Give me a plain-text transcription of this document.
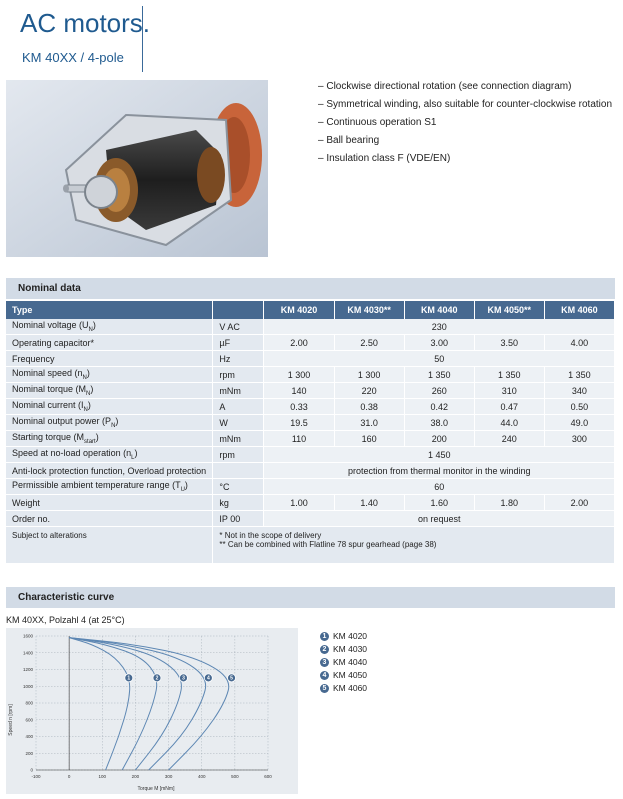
AC motors.
KM 40XX / 4-pole
– Clockwise directional rotation (see connection diagram)
– Symmetrical winding, also suitable for counter-clockwise rotation
– Continuous operation S1
– Ball bearing
– Insulation class F (VDE/EN)
Nominal data
Type		KM 4020	KM 4030**	KM 4040	KM 4050**	KM 4060
Nominal voltage $(U_N)$	V AC	230				
Operating capacitor*	µF	2.00	2.50	3.00	3.50	4.00
Frequency	Hz	50				
Nominal speed $(n_N)$	rpm	1 300	1 300	1 350	1 350	1 350
Nominal torque $(M_N)$	mNm	140	220	260	310	340
Nominal current $(I_N)$	A	0.33	0.38	0.42	0.47	0.50
Nominal output power $(P_N)$	W	19.5	31.0	38.0	44.0	49.0
Starting torque $(M_{start})$	mNm	110	160	200	240	300
Speed at no-load operation $(n_L)$	rpm	1 450				
Anti-lock protection function, Overload protection		protection from thermal monitor in the winding				
Permissible ambient temperature range $(T_U)$	°C	60				
Weight	kg	1.00	1.40	1.60	1.80	2.00
Order no.	IP 00	on request				
Subject to alterations	* Not in the scope of delivery
** Can be combined with Flatline 78 spur gearhead (page 38)					
Characteristic curve
KM 40XX, Polzahl 4 (at 25°C)
0
200
400
600
800
1000
1200
1400
1600
-100	0	100	200	300	400	500	600
1	2	3	4	5
Torque M [mNm]
Speed n [rpm]
1 KM 4020
2 KM 4030
3 KM 4040
4 KM 4050
5 KM 4060
